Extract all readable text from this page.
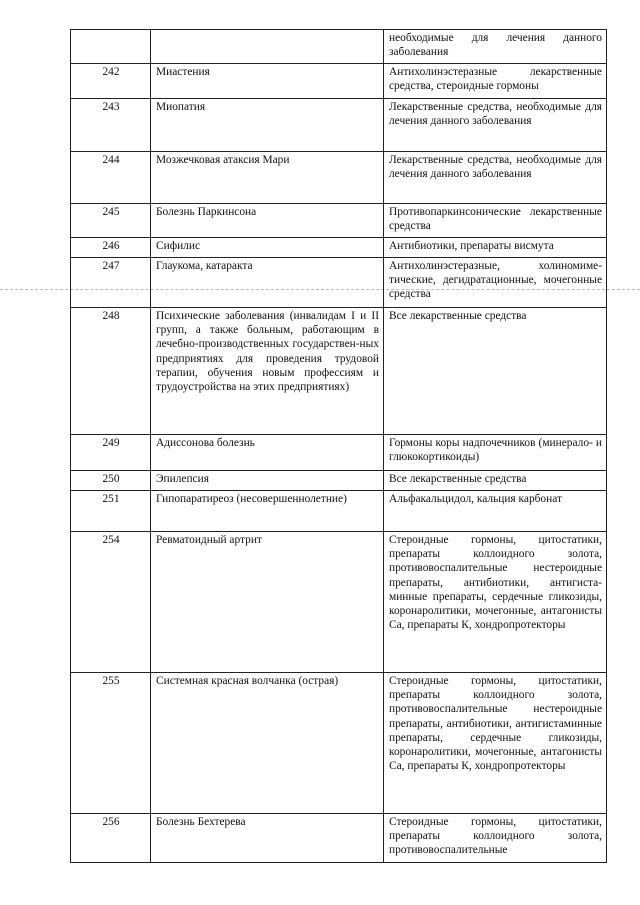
		необходимые для лечения данного заболевания
242	Миастения	Антихолинэстеразные лекарственные средства, стероидные гормоны
243	Миопатия	Лекарственные средства, необходимые для лечения данного заболевания
244	Мозжечковая атаксия Мари	Лекарственные средства, необходимые для лечения данного заболевания
245	Болезнь Паркинсона	Противопаркинсонические лекарственные средства
246	Сифилис	Антибиотики, препараты висмута
247	Глаукома, катаракта	Антихолинэстеразные, холиномиме-тические, дегидратационные, мочегонные средства
248	Психические заболевания (инвалидам I и II групп, а также больным, работающим в лечебно-производственных государствен-ных предприятиях для проведения трудовой терапии, обучения новым профессиям и трудоустройства на этих предприятиях)	Все лекарственные средства
249	Адиссонова болезнь	Гормоны коры надпочечников (минерало- и глюкокортикоиды)
250	Эпилепсия	Все лекарственные средства
251	Гипопаратиреоз (несовершеннолетние)	Альфакальцидол, кальция карбонат
254	Ревматоидный артрит	Стероидные гормоны, цитостатики, препараты коллоидного золота, противовоспалительные нестероидные препараты, антибиотики, антигиста-минные препараты, сердечные гликозиды, коронаролитики, мочегонные, антагонисты Са, препараты К, хондропротекторы
255	Системная красная волчанка (острая)	Стероидные гормоны, цитостатики, препараты коллоидного золота, противовоспалительные нестероидные препараты, антибиотики, антигистаминные препараты, сердечные гликозиды, коронаролитики, мочегонные, антагонисты Са, препараты К, хондропротекторы
256	Болезнь Бехтерева	Стероидные гормоны, цитостатики, препараты коллоидного золота, противовоспалительные
